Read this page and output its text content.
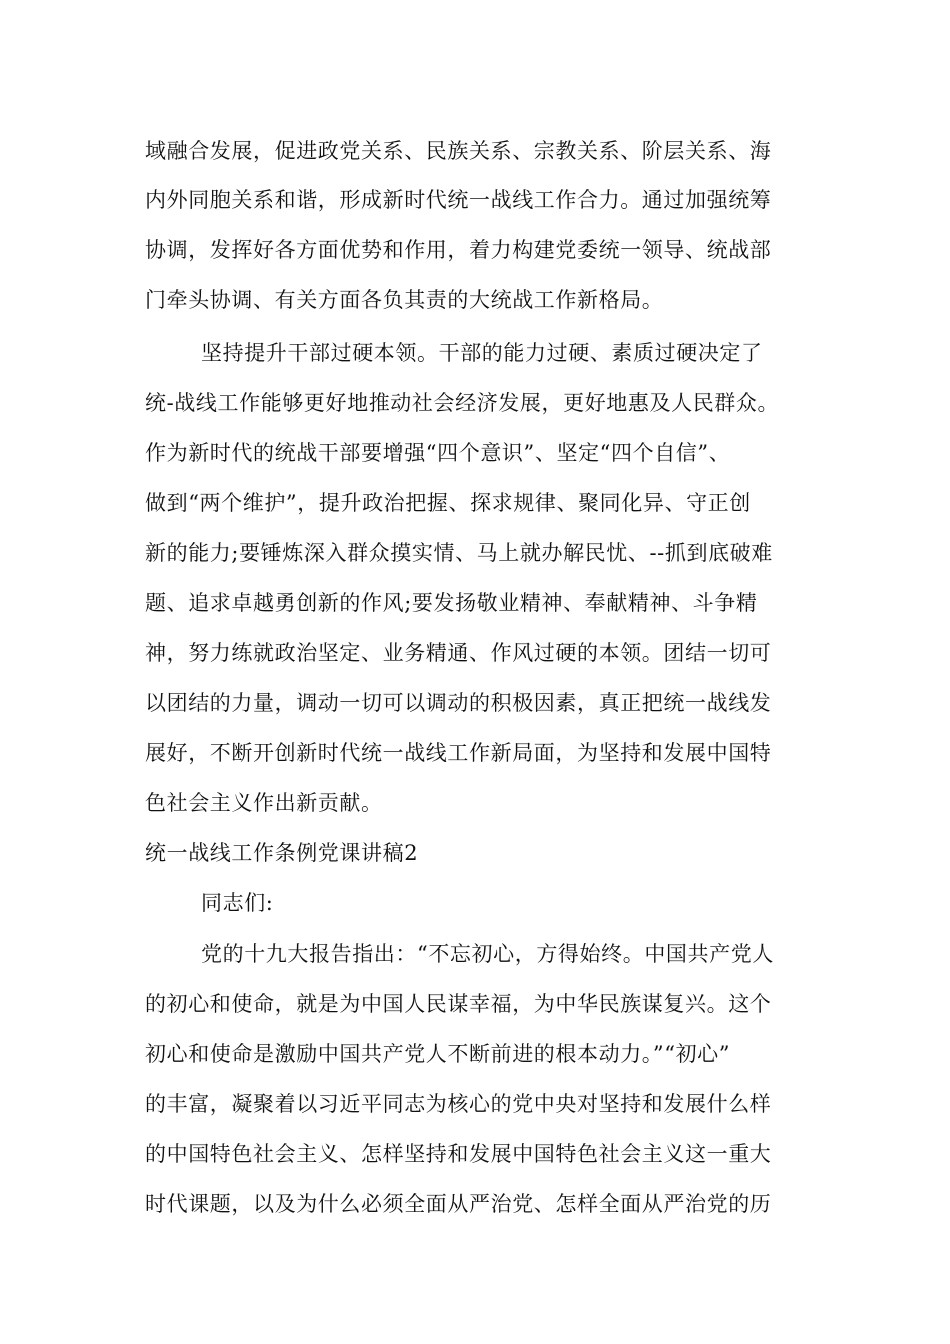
域融合发展，促进政党关系、民族关系、宗教关系、阶层关系、海
内外同胞关系和谐，形成新时代统一战线工作合力。通过加强统筹
协调，发挥好各方面优势和作用，着力构建党委统一领导、统战部
门牵头协调、有关方面各负其责的大统战工作新格局。
坚持提升干部过硬本领。干部的能力过硬、素质过硬决定了
统-战线工作能够更好地推动社会经济发展，更好地惠及人民群众。
作为新时代的统战干部要增强“四个意识”、坚定“四个自信”、
做到“两个维护”，提升政治把握、探求规律、聚同化异、守正创
新的能力;要锤炼深入群众摸实情、马上就办解民忧、--抓到底破难
题、追求卓越勇创新的作风;要发扬敬业精神、奉献精神、斗争精
神，努力练就政治坚定、业务精通、作风过硬的本领。团结一切可
以团结的力量，调动一切可以调动的积极因素，真正把统一战线发
展好，不断开创新时代统一战线工作新局面，为坚持和发展中国特
色社会主义作出新贡献。
统一战线工作条例党课讲稿2
同志们:
党的十九大报告指出：“不忘初心，方得始终。中国共产党人
的初心和使命，就是为中国人民谋幸福，为中华民族谋复兴。这个
初心和使命是激励中国共产党人不断前进的根本动力。”“初心”
的丰富，凝聚着以习近平同志为核心的党中央对坚持和发展什么样
的中国特色社会主义、怎样坚持和发展中国特色社会主义这一重大
时代课题，以及为什么必须全面从严治党、怎样全面从严治党的历
